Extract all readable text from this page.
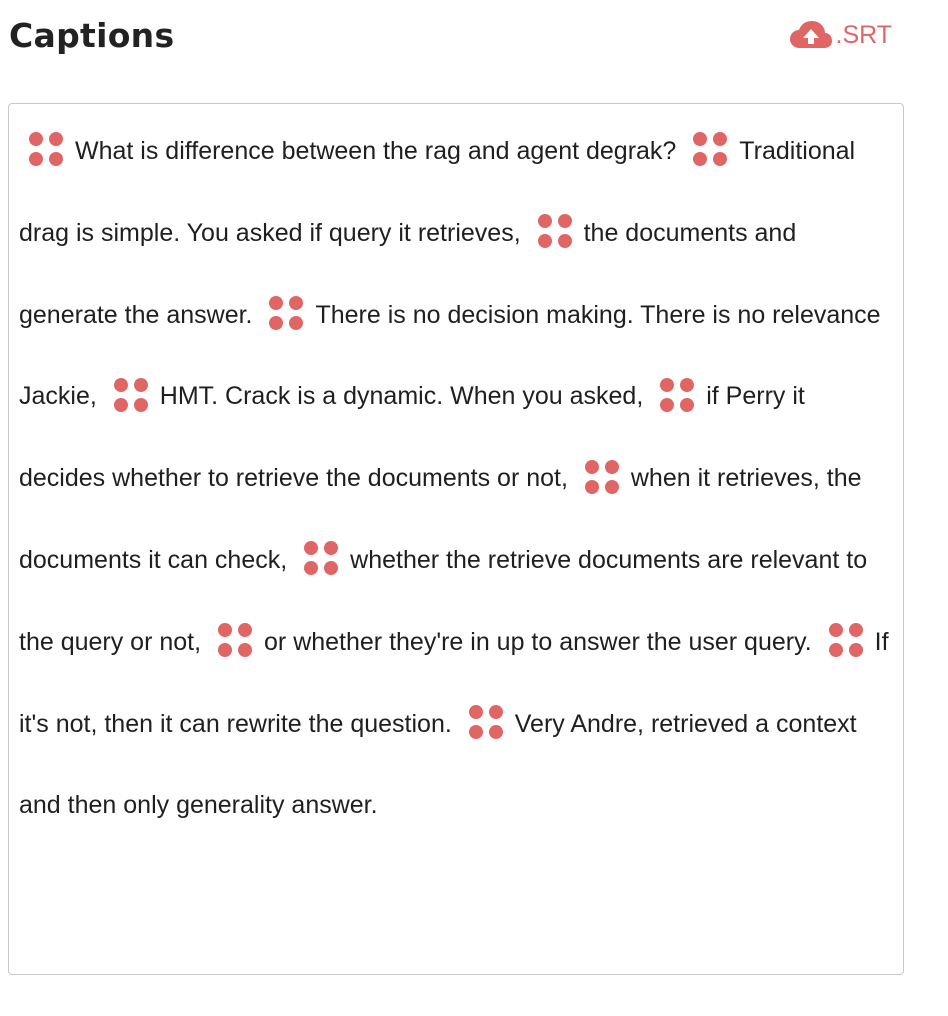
Captions	.SRT

What is difference between the rag and agent degrak?	Traditional drag is simple. You asked if query it retrieves,	the documents and generate the answer.	There is no decision making. There is no relevance Jackie,	HMT. Crack is a dynamic. When you asked,	if Perry it decides whether to retrieve the documents or not,	when it retrieves, the documents it can check,	whether the retrieve documents are relevant to the query or not,	or whether they're in up to answer the user query.	If it's not, then it can rewrite the question.	Very Andre, retrieved a context and then only generality answer.
